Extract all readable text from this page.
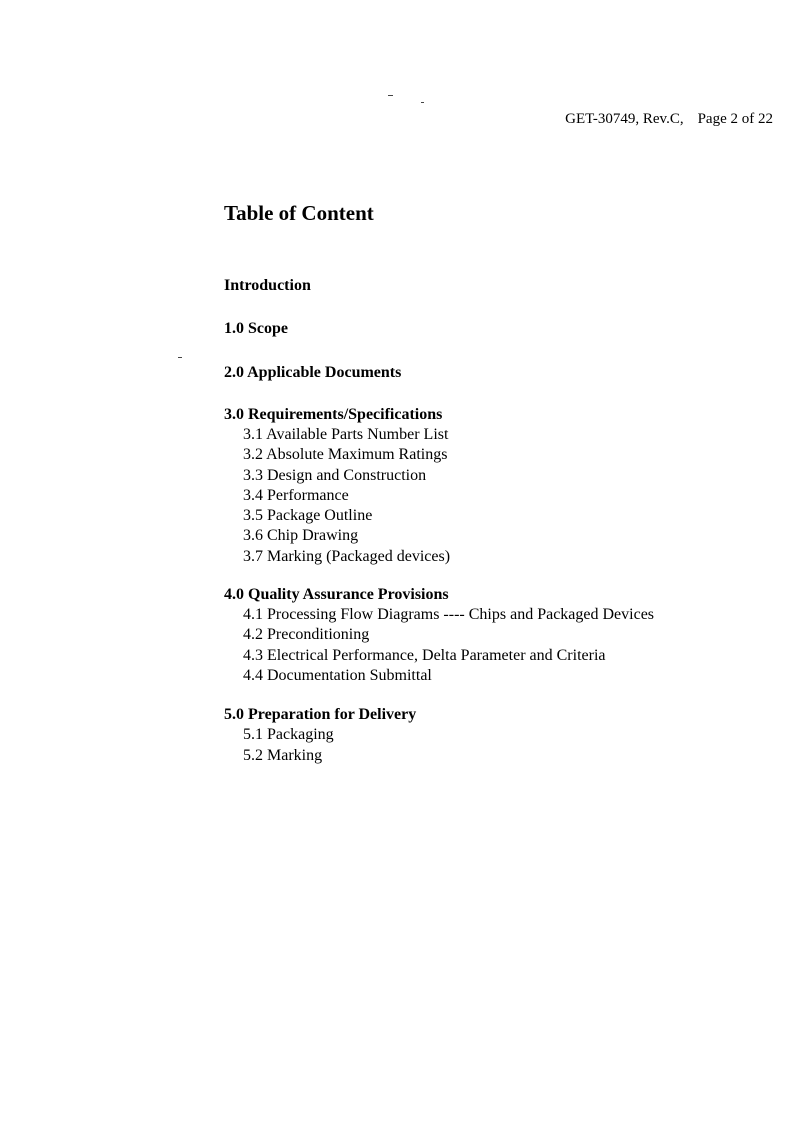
GET-30749, Rev.C, Page 2 of 22
Table of Content
Introduction
1.0 Scope
2.0 Applicable Documents
3.0 Requirements/Specifications
3.1 Available Parts Number List
3.2 Absolute Maximum Ratings
3.3 Design and Construction
3.4 Performance
3.5 Package Outline
3.6 Chip Drawing
3.7 Marking (Packaged devices)
4.0 Quality Assurance Provisions
4.1 Processing Flow Diagrams ---- Chips and Packaged Devices
4.2 Preconditioning
4.3 Electrical Performance, Delta Parameter and Criteria
4.4 Documentation Submittal
5.0 Preparation for Delivery
5.1 Packaging
5.2 Marking
